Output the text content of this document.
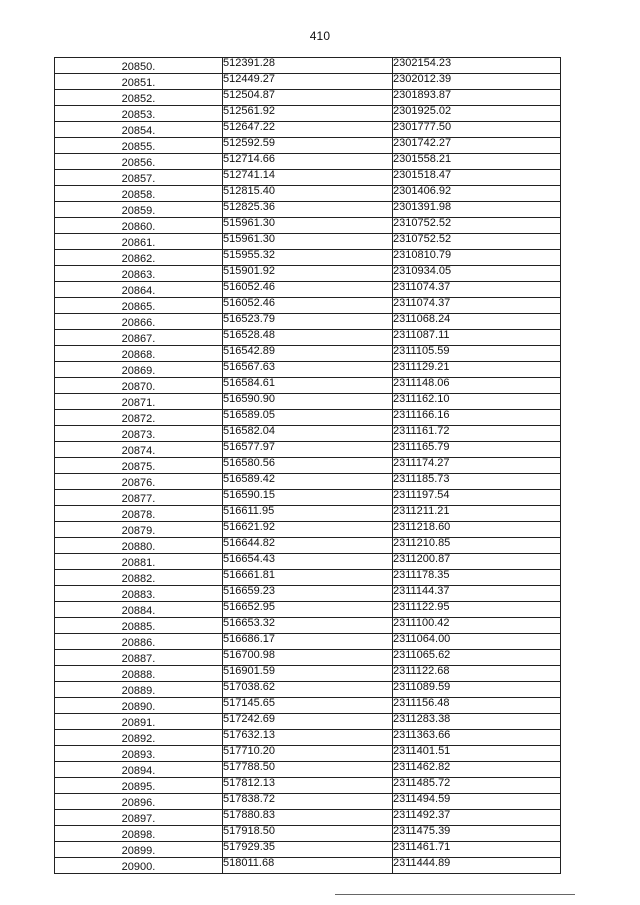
410
20850.	512391.28	2302154.23
20851.	512449.27	2302012.39
20852.	512504.87	2301893.87
20853.	512561.92	2301925.02
20854.	512647.22	2301777.50
20855.	512592.59	2301742.27
20856.	512714.66	2301558.21
20857.	512741.14	2301518.47
20858.	512815.40	2301406.92
20859.	512825.36	2301391.98
20860.	515961.30	2310752.52
20861.	515961.30	2310752.52
20862.	515955.32	2310810.79
20863.	515901.92	2310934.05
20864.	516052.46	2311074.37
20865.	516052.46	2311074.37
20866.	516523.79	2311068.24
20867.	516528.48	2311087.11
20868.	516542.89	2311105.59
20869.	516567.63	2311129.21
20870.	516584.61	2311148.06
20871.	516590.90	2311162.10
20872.	516589.05	2311166.16
20873.	516582.04	2311161.72
20874.	516577.97	2311165.79
20875.	516580.56	2311174.27
20876.	516589.42	2311185.73
20877.	516590.15	2311197.54
20878.	516611.95	2311211.21
20879.	516621.92	2311218.60
20880.	516644.82	2311210.85
20881.	516654.43	2311200.87
20882.	516661.81	2311178.35
20883.	516659.23	2311144.37
20884.	516652.95	2311122.95
20885.	516653.32	2311100.42
20886.	516686.17	2311064.00
20887.	516700.98	2311065.62
20888.	516901.59	2311122.68
20889.	517038.62	2311089.59
20890.	517145.65	2311156.48
20891.	517242.69	2311283.38
20892.	517632.13	2311363.66
20893.	517710.20	2311401.51
20894.	517788.50	2311462.82
20895.	517812.13	2311485.72
20896.	517838.72	2311494.59
20897.	517880.83	2311492.37
20898.	517918.50	2311475.39
20899.	517929.35	2311461.71
20900.	518011.68	2311444.89
